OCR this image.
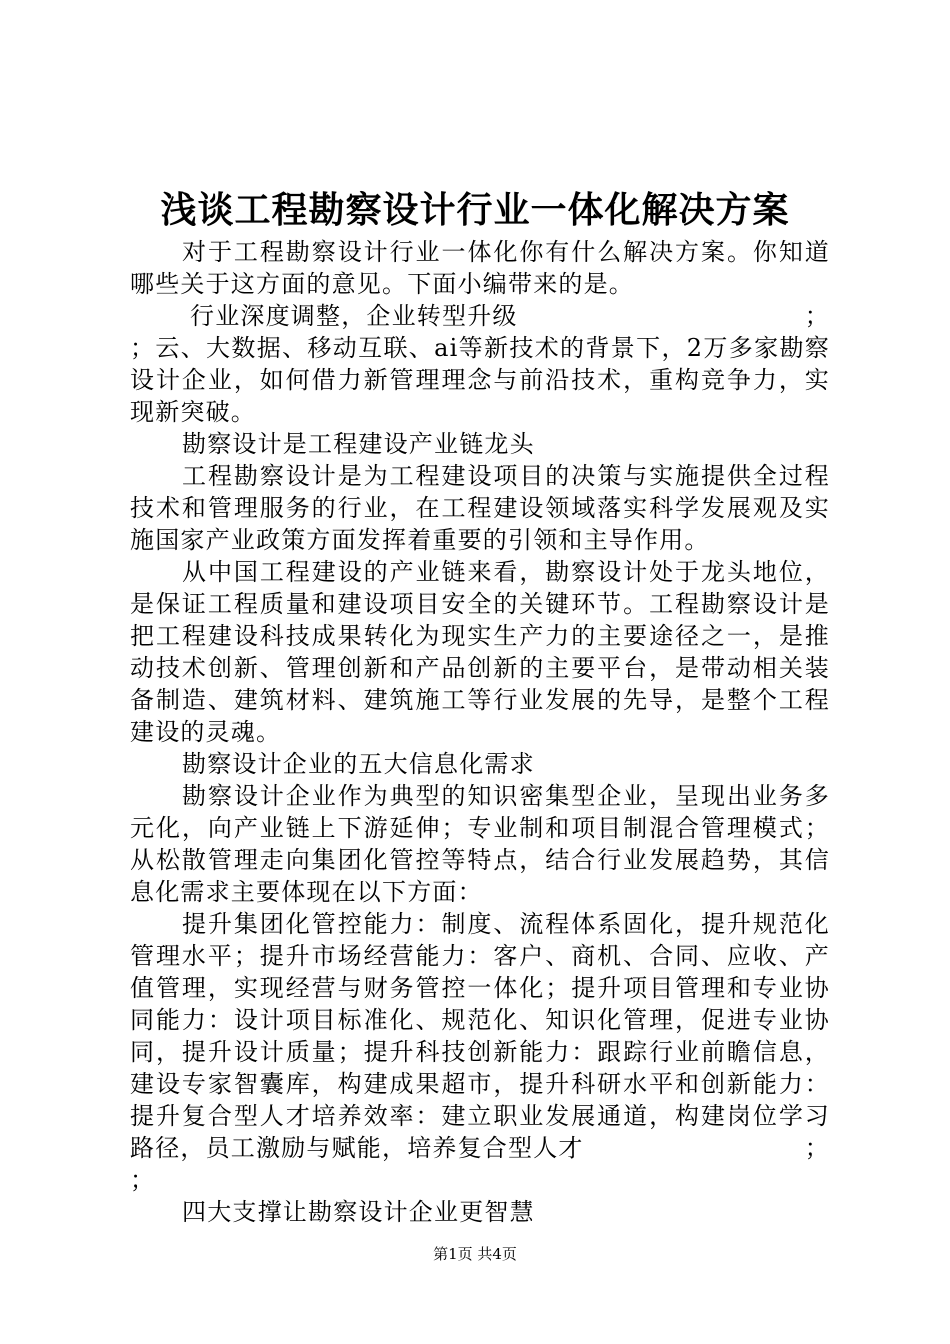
浅谈工程勘察设计行业一体化解决方案

对于工程勘察设计行业一体化你有什么解决方案。你知道哪些关于这方面的意见。下面小编带来的是。

行业深度调整，企业转型升级	；

；云、大数据、移动互联、ai等新技术的背景下，2万多家勘察设计企业，如何借力新管理理念与前沿技术，重构竞争力，实现新突破。

勘察设计是工程建设产业链龙头

工程勘察设计是为工程建设项目的决策与实施提供全过程技术和管理服务的行业，在工程建设领域落实科学发展观及实施国家产业政策方面发挥着重要的引领和主导作用。

从中国工程建设的产业链来看，勘察设计处于龙头地位，是保证工程质量和建设项目安全的关键环节。工程勘察设计是把工程建设科技成果转化为现实生产力的主要途径之一，是推动技术创新、管理创新和产品创新的主要平台，是带动相关装备制造、建筑材料、建筑施工等行业发展的先导，是整个工程建设的灵魂。

勘察设计企业的五大信息化需求

勘察设计企业作为典型的知识密集型企业，呈现出业务多元化，向产业链上下游延伸；专业制和项目制混合管理模式；从松散管理走向集团化管控等特点，结合行业发展趋势，其信息化需求主要体现在以下方面：

提升集团化管控能力：制度、流程体系固化，提升规范化管理水平；提升市场经营能力：客户、商机、合同、应收、产值管理，实现经营与财务管控一体化；提升项目管理和专业协同能力：设计项目标准化、规范化、知识化管理，促进专业协同，提升设计质量；提升科技创新能力：跟踪行业前瞻信息，建设专家智囊库，构建成果超市，提升科研水平和创新能力：提升复合型人才培养效率：建立职业发展通道，构建岗位学习路径，员工激励与赋能，培养复合型人才	；

；

四大支撑让勘察设计企业更智慧

第1页 共4页
